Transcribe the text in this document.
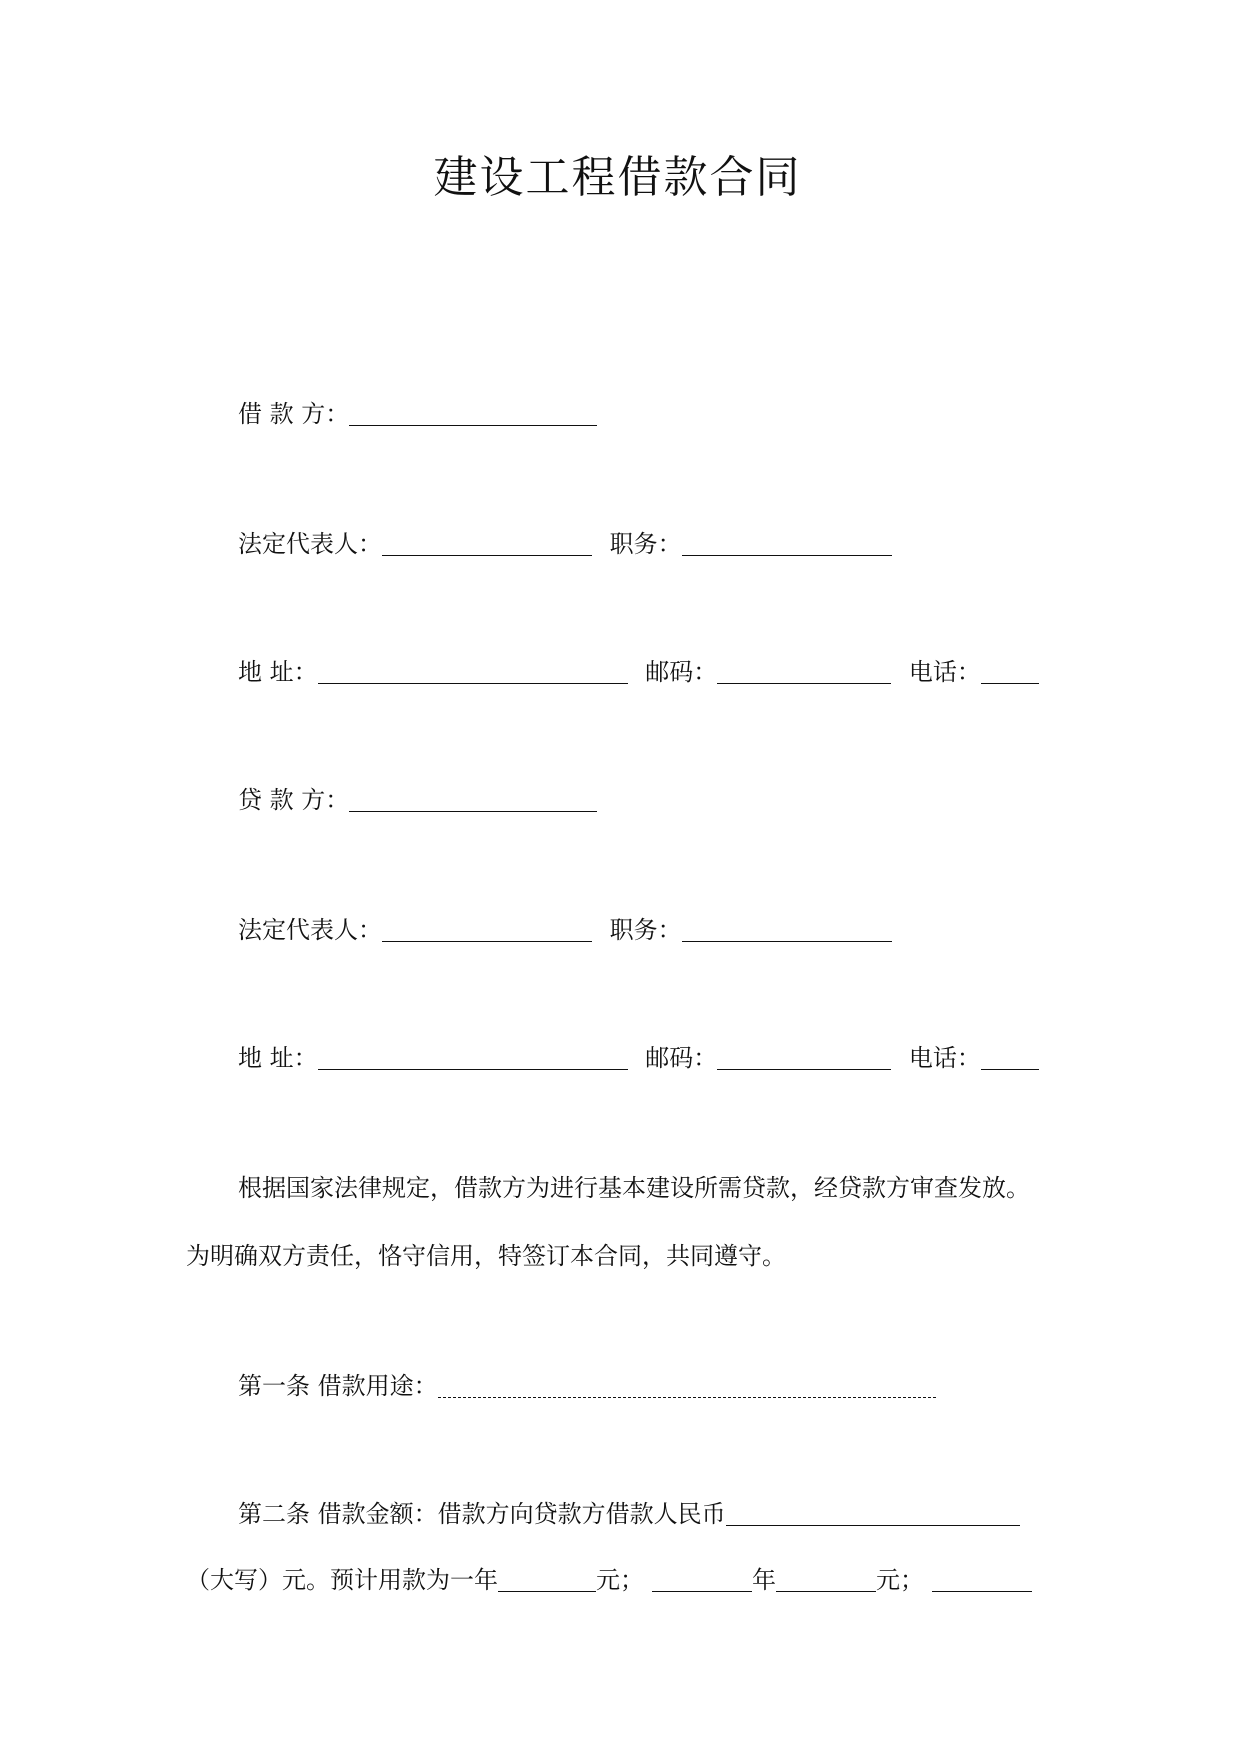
建设工程借款合同
借 款 方：
法定代表人：	职务：
地 址：	邮码：	电话：
贷 款 方：
法定代表人：	职务：
地 址：	邮码：	电话：
根据国家法律规定，借款方为进行基本建设所需贷款，经贷款方审查发放。
为明确双方责任，恪守信用，特签订本合同，共同遵守。
第一条 借款用途：
第二条 借款金额：借款方向贷款方借款人民币
（大写）元。预计用款为一年	元；	年	元；
